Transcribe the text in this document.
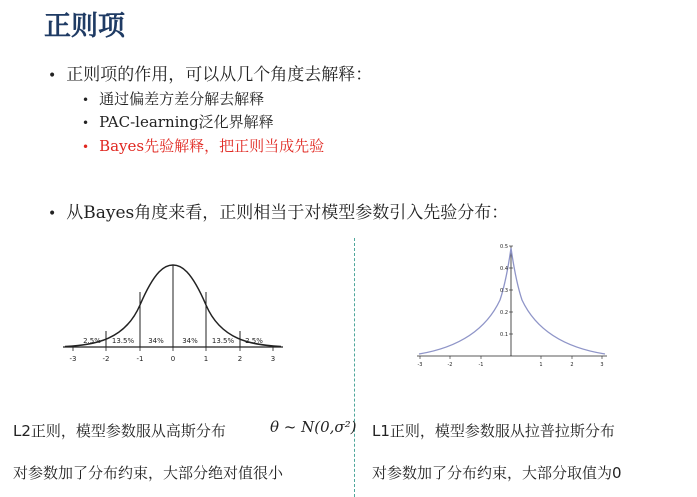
正则项
• 正则项的作用，可以从几个角度去解释：
• 通过偏差方差分解去解释
• PAC-learning泛化界解释
• Bayes先验解释，把正则当成先验
• 从Bayes角度来看，正则相当于对模型参数引入先验分布：
2.5% 13.5% 34%	34% 13.5% 2.5%
-3	-2	-1	0	1	2	3
0.5
0.4
0.3
0.2
0.1
-3	-2	-1	1	2	3
L2正则，模型参数服从高斯分布	θ ~ N(0,σ²)
对参数加了分布约束，大部分绝对值很小
L1正则，模型参数服从拉普拉斯分布
对参数加了分布约束，大部分取值为0
